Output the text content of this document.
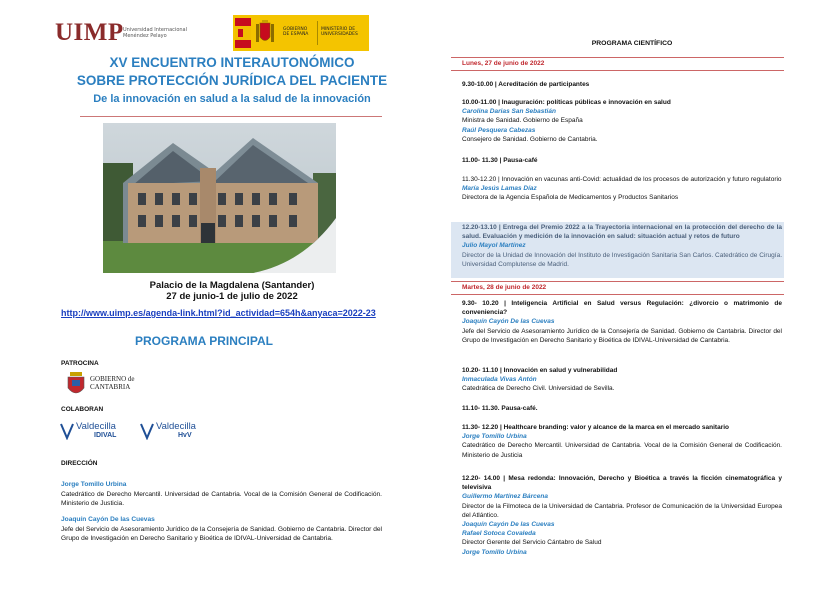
UIMP Universidad Internacional Menéndez Pelayo
GOBIERNO DE ESPAÑA
MINISTERIO DE UNIVERSIDADES
XV ENCUENTRO INTERAUTONÓMICO
SOBRE PROTECCIÓN JURÍDICA DEL PACIENTE
De la innovación en salud a la salud de la innovación
Palacio de la Magdalena (Santander)
27 de junio-1 de julio de 2022
http://www.uimp.es/agenda-link.html?id_actividad=654h&anyaca=2022-23
PROGRAMA PRINCIPAL
PATROCINA
GOBIERNO de CANTABRIA
COLABORAN
Valdecilla
IDIVAL
Valdecilla
HvV
DIRECCIÓN
Jorge Tomillo Urbina
Catedrático de Derecho Mercantil. Universidad de Cantabria. Vocal de la Comisión General de Codificación. Ministerio de Justicia.
Joaquín Cayón De las Cuevas
Jefe del Servicio de Asesoramiento Jurídico de la Consejería de Sanidad. Gobierno de Cantabria. Director del Grupo de Investigación en Derecho Sanitario y Bioética de IDIVAL-Universidad de Cantabria.
PROGRAMA CIENTÍFICO
Lunes, 27 de junio de 2022
9.30-10.00 | Acreditación de participantes
10.00-11.00 | Inauguración: políticas públicas e innovación en salud
Carolina Darias San Sebastián
Ministra de Sanidad. Gobierno de España
Raúl Pesquera Cabezas
Consejero de Sanidad. Gobierno de Cantabria.
11.00- 11.30 | Pausa-café
11.30-12.20 | Innovación en vacunas anti-Covid: actualidad de los procesos de autorización y futuro regulatorio
María Jesús Lamas Díaz
Directora de la Agencia Española de Medicamentos y Productos Sanitarios
12.20-13.10 | Entrega del Premio 2022 a la Trayectoria internacional en la protección del derecho de la salud. Evaluación y medición de la innovación en salud: situación actual y retos de futuro
Julio Mayol Martínez
Director de la Unidad de Innovación del Instituto de Investigación Sanitaria San Carlos. Catedrático de Cirugía. Universidad Complutense de Madrid.
Martes, 28 de junio de 2022
9.30- 10.20 | Inteligencia Artificial en Salud versus Regulación: ¿divorcio o matrimonio de conveniencia?
Joaquín Cayón De las Cuevas
Jefe del Servicio de Asesoramiento Jurídico de la Consejería de Sanidad. Gobierno de Cantabria. Director del Grupo de Investigación en Derecho Sanitario y Bioética de IDIVAL-Universidad de Cantabria.
10.20- 11.10 | Innovación en salud y vulnerabilidad
Inmaculada Vivas Antón
Catedrática de Derecho Civil. Universidad de Sevilla.
11.10- 11.30. Pausa-café.
11.30- 12.20 | Healthcare branding: valor y alcance de la marca en el mercado sanitario
Jorge Tomillo Urbina
Catedrático de Derecho Mercantil. Universidad de Cantabria. Vocal de la Comisión General de Codificación. Ministerio de Justicia
12.20- 14.00 | Mesa redonda: Innovación, Derecho y Bioética a través la ficción cinematográfica y televisiva
Guillermo Martínez Bárcena
Director de la Filmoteca de la Universidad de Cantabria. Profesor de Comunicación de la Universidad Europea del Atlántico.
Joaquín Cayón De las Cuevas
Rafael Sotoca Covaleda
Director Gerente del Servicio Cántabro de Salud
Jorge Tomillo Urbina
